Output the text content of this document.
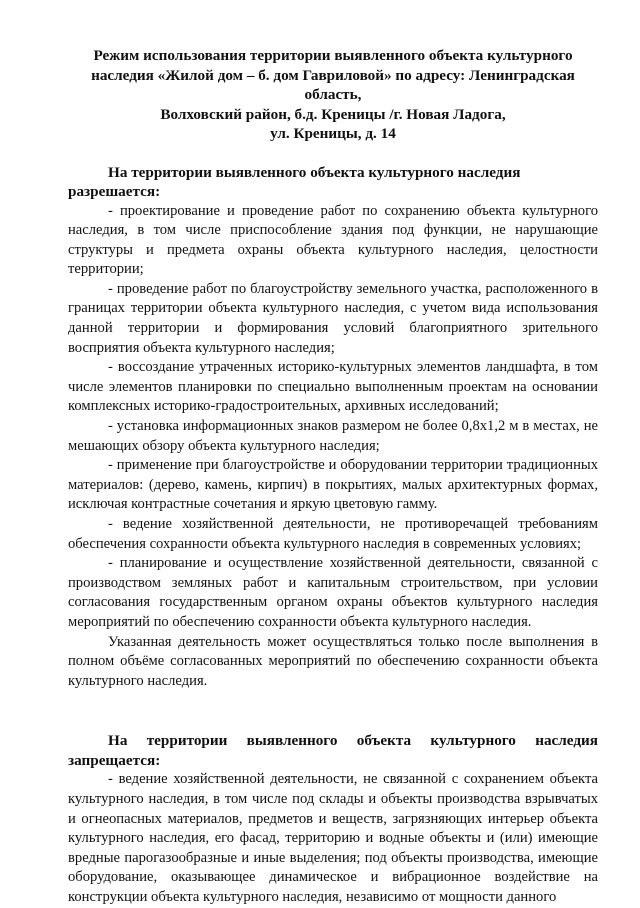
Режим использования территории выявленного объекта культурного
наследия «Жилой дом – б. дом Гавриловой» по адресу: Ленинградская область,
Волховский район, б.д. Креницы /г. Новая Ладога,
ул. Креницы, д. 14

На территории выявленного объекта культурного наследия разрешается:

- проектирование и проведение работ по сохранению объекта культурного наследия, в том числе приспособление здания под функции, не нарушающие структуры и предмета охраны объекта культурного наследия, целостности территории;

- проведение работ по благоустройству земельного участка, расположенного в границах территории объекта культурного наследия, с учетом вида использования данной территории и формирования условий благоприятного зрительного восприятия объекта культурного наследия;

- воссоздание утраченных историко-культурных элементов ландшафта, в том числе элементов планировки по специально выполненным проектам на основании комплексных историко-градостроительных, архивных исследований;

- установка информационных знаков размером не более 0,8х1,2 м в местах, не мешающих обзору объекта культурного наследия;

- применение при благоустройстве и оборудовании территории традиционных материалов: (дерево, камень, кирпич) в покрытиях, малых архитектурных формах, исключая контрастные сочетания и яркую цветовую гамму.

- ведение хозяйственной деятельности, не противоречащей требованиям обеспечения сохранности объекта культурного наследия в современных условиях;

- планирование и осуществление хозяйственной деятельности, связанной с производством земляных работ и капитальным строительством, при условии согласования государственным органом охраны объектов культурного наследия мероприятий по обеспечению сохранности объекта культурного наследия.

Указанная деятельность может осуществляться только после выполнения в полном объёме согласованных мероприятий по обеспечению сохранности объекта культурного наследия.

На территории выявленного объекта культурного наследия

запрещается:

- ведение хозяйственной деятельности, не связанной с сохранением объекта культурного наследия, в том числе под склады и объекты производства взрывчатых и огнеопасных материалов, предметов и веществ, загрязняющих интерьер объекта культурного наследия, его фасад, территорию и водные объекты и (или) имеющие вредные парогазообразные и иные выделения; под объекты производства, имеющие оборудование, оказывающее динамическое и вибрационное воздействие на конструкции объекта культурного наследия, независимо от мощности данного
